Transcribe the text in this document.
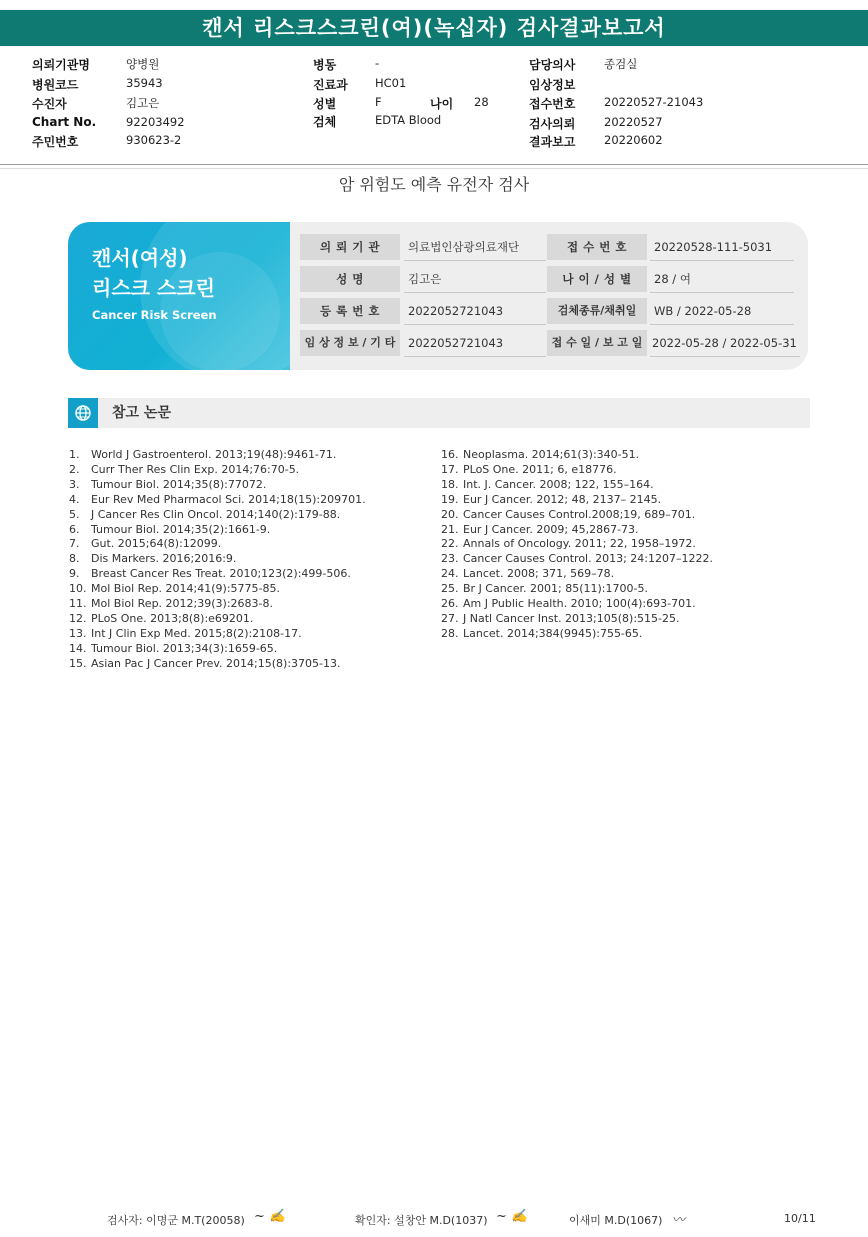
캔서 리스크스크린(여)(녹십자) 검사결과보고서
의뢰기관명	양병원
병원코드	35943
수진자	김고은
Chart No.	92203492
주민번호	930623-2
병동	-
진료과 HC01
성별	F	나이 28
검체	EDTA Blood
담당의사 종검실
임상정보
접수번호 20220527-21043
검사의뢰 20220527
결과보고 20220602
암 위험도 예측 유전자 검사
캔서(여성)
리스크 스크린
Cancer Risk Screen
의 뢰 기 관	의료법인삼광의료재단	접 수 번 호	20220528-111-5031
성 명	김고은	나 이 / 성 별	28 / 여
등 록 번 호	2022052721043	검체종류/채취일	WB / 2022-05-28
임 상 정 보 / 기 타	2022052721043	접 수 일 / 보 고 일 2022-05-28 / 2022-05-31
참고 논문
1. World J Gastroenterol. 2013;19(48):9461-71.
2. Curr Ther Res Clin Exp. 2014;76:70-5.
3. Tumour Biol. 2014;35(8):77072.
4. Eur Rev Med Pharmacol Sci. 2014;18(15):209701.
5. J Cancer Res Clin Oncol. 2014;140(2):179-88.
6. Tumour Biol. 2014;35(2):1661-9.
7. Gut. 2015;64(8):12099.
8. Dis Markers. 2016;2016:9.
9. Breast Cancer Res Treat. 2010;123(2):499-506.
10. Mol Biol Rep. 2014;41(9):5775-85.
11. Mol Biol Rep. 2012;39(3):2683-8.
12. PLoS One. 2013;8(8):e69201.
13. Int J Clin Exp Med. 2015;8(2):2108-17.
14. Tumour Biol. 2013;34(3):1659-65.
15. Asian Pac J Cancer Prev. 2014;15(8):3705-13.
16. Neoplasma. 2014;61(3):340-51.
17. PLoS One. 2011; 6, e18776.
18. Int. J. Cancer. 2008; 122, 155–164.
19. Eur J Cancer. 2012; 48, 2137– 2145.
20. Cancer Causes Control.2008;19, 689–701.
21. Eur J Cancer. 2009; 45,2867-73.
22. Annals of Oncology. 2011; 22, 1958–1972.
23. Cancer Causes Control. 2013; 24:1207–1222.
24. Lancet. 2008; 371, 569–78.
25. Br J Cancer. 2001; 85(11):1700-5.
26. Am J Public Health. 2010; 100(4):693-701.
27. J Natl Cancer Inst. 2013;105(8):515-25.
28. Lancet. 2014;384(9945):755-65.
검사자: 이명군 M.T(20058) ~ ✍	확인자: 설창안 M.D(1037) ~ ✍	이새미 M.D(1067) 〰	10/11
